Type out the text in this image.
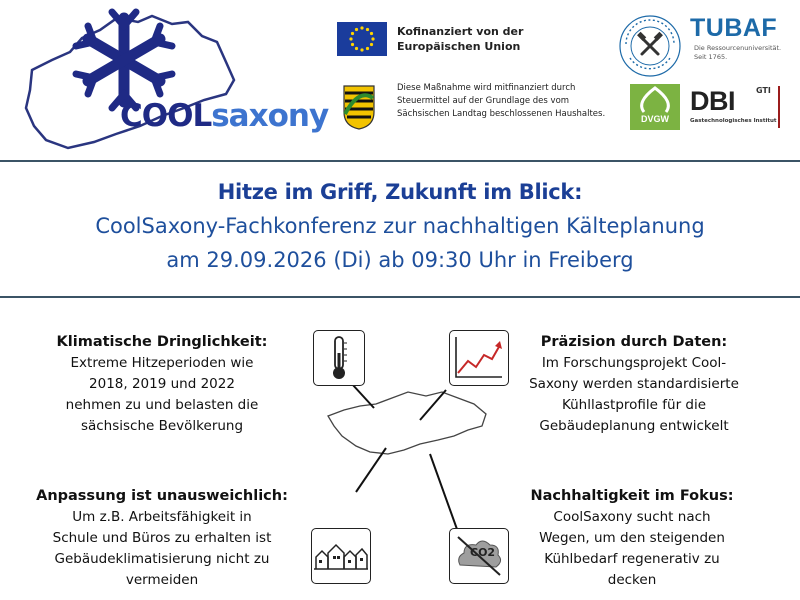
COOLsaxony
Kofinanziert von der
Europäischen Union
Diese Maßnahme wird mitfinanziert durch
Steuermittel auf der Grundlage des vom
Sächsischen Landtag beschlossenen Haushaltes.
TUBAF
Die Ressourcenuniversität.
Seit 1765.
DVGW
DBI	GTI
Gastechnologisches Institut
Hitze im Griff, Zukunft im Blick:
CoolSaxony-Fachkonferenz zur nachhaltigen Kälteplanung
am 29.09.2026 (Di) ab 09:30 Uhr in Freiberg
CO2
Klimatische Dringlichkeit:
Extreme Hitzeperioden wie
2018, 2019 und 2022
nehmen zu und belasten die
sächsische Bevölkerung
Präzision durch Daten:
Im Forschungsprojekt Cool-
Saxony werden standardisierte
Kühllastprofile für die
Gebäudeplanung entwickelt
Anpassung ist unausweichlich:
Um z.B. Arbeitsfähigkeit in
Schule und Büros zu erhalten ist
Gebäudeklimatisierung nicht zu
vermeiden
Nachhaltigkeit im Fokus:
CoolSaxony sucht nach
Wegen, um den steigenden
Kühlbedarf regenerativ zu
decken
